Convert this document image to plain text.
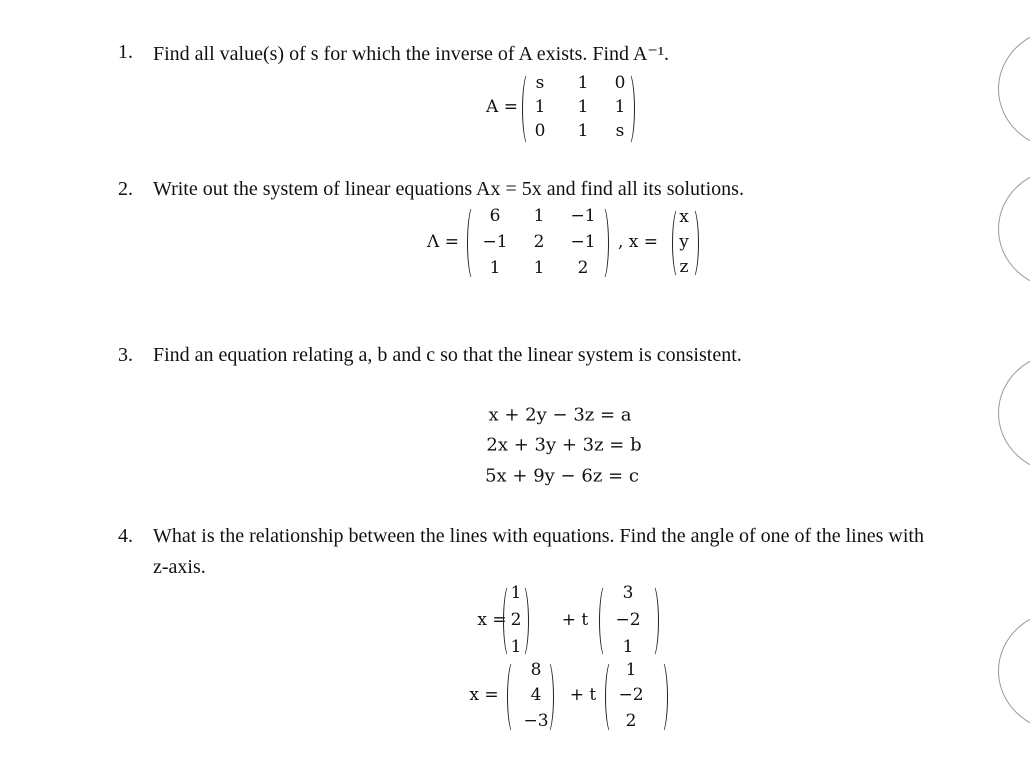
1. Find all value(s) of s for which the inverse of A exists. Find A⁻¹.
A =
s 1 0
1 1 1
0 1 s
2. Write out the system of linear equations Ax = 5x and find all its solutions.
Λ =
6 1 −1
−1 2 −1
1 1 2
, x =
x
y
z
3. Find an equation relating a, b and c so that the linear system is consistent.
x + 2y − 3z = a
2x + 3y + 3z = b
5x + 9y − 6z = c
4. What is the relationship between the lines with equations. Find the angle of one of the lines with
z-axis.
x =
1
2
1
+ t
3
−2
1
x =
8
4
−3
+ t
1
−2
2
